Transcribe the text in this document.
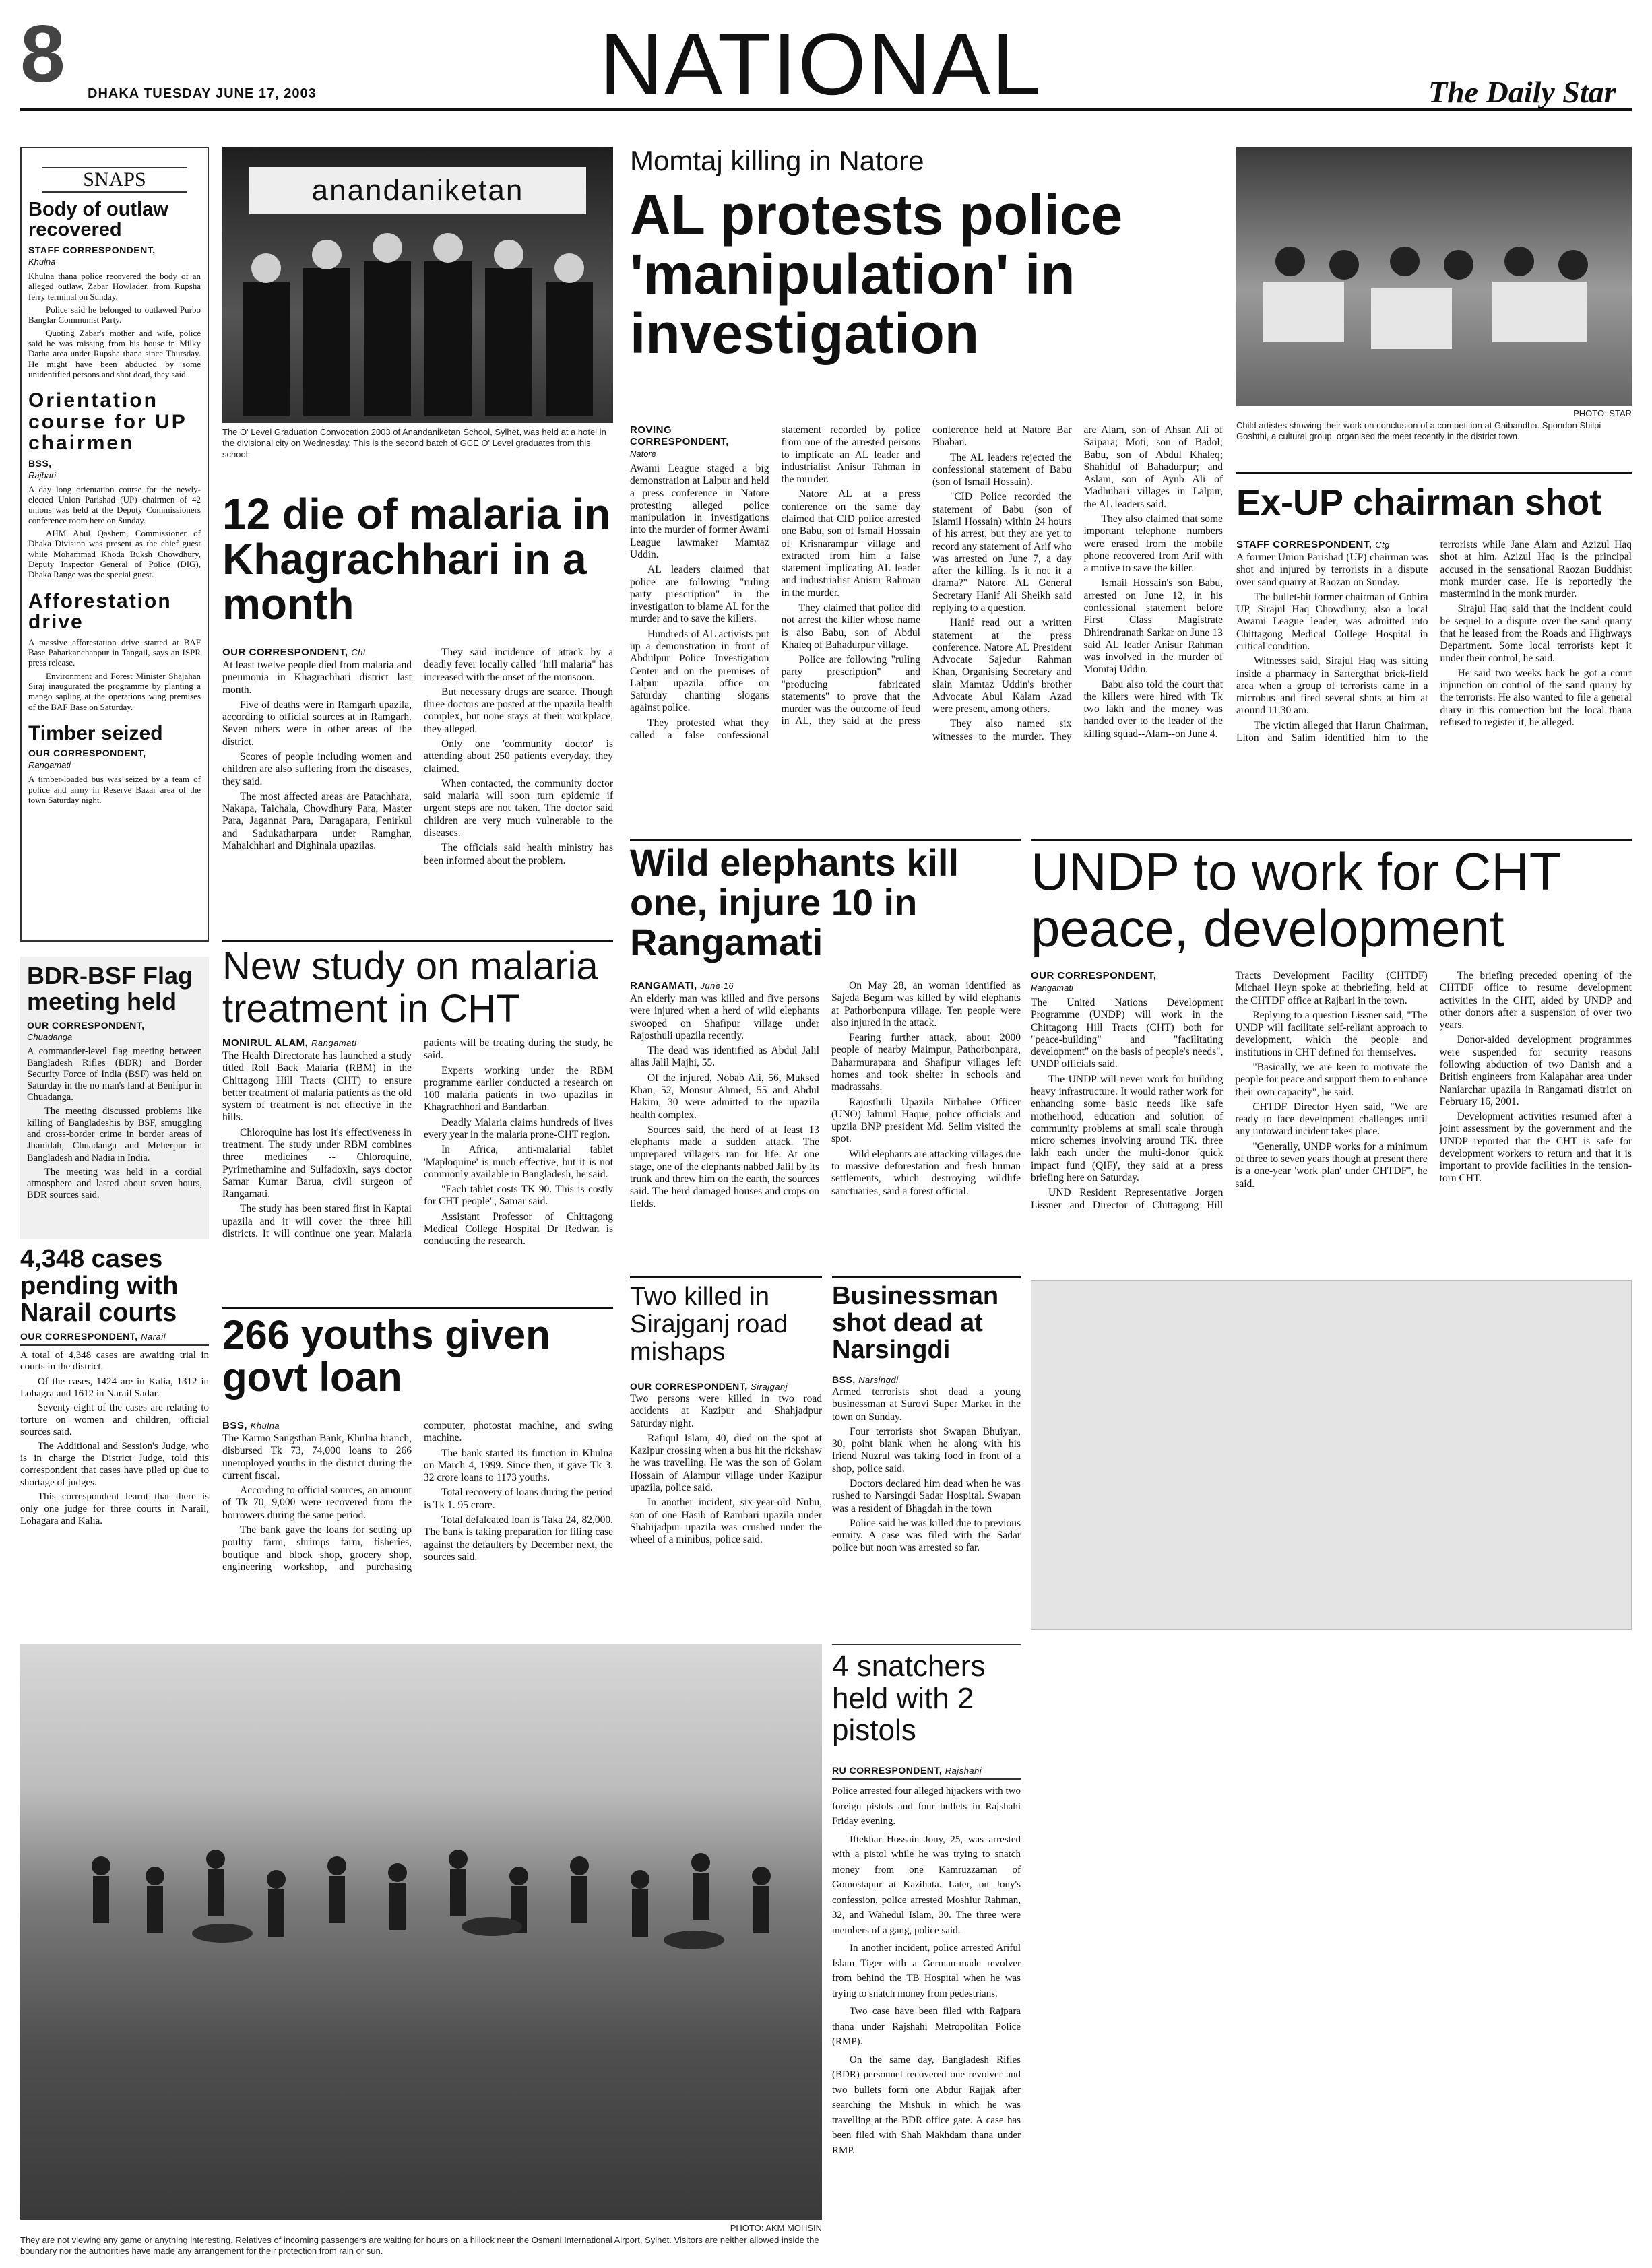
8 DHAKA TUESDAY JUNE 17, 2003	NATIONAL	The Daily Star
SNAPS
Body of outlaw recovered
STAFF CORRESPONDENT,
Khulna

Khulna thana police recovered the body of an alleged outlaw, Zabar Howlader, from Rupsha ferry terminal on Sunday.

Police said he belonged to outlawed Purbo Banglar Communist Party.

Quoting Zabar's mother and wife, police said he was missing from his house in Milky Darha area under Rupsha thana since Thursday. He might have been abducted by some unidentified persons and shot dead, they said.

Orientation course for UP chairmen
BSS,
Rajbari

A day long orientation course for the newly-elected Union Parishad (UP) chairmen of 42 unions was held at the Deputy Commissioners conference room here on Sunday.

AHM Abul Qashem, Commissioner of Dhaka Division was present as the chief guest while Mohammad Khoda Buksh Chowdhury, Deputy Inspector General of Police (DIG), Dhaka Range was the special guest.

Afforestation drive

A massive afforestation drive started at BAF Base Paharkanchanpur in Tangail, says an ISPR press release.

Environment and Forest Minister Shajahan Siraj inaugurated the programme by planting a mango sapling at the operations wing premises of the BAF Base on Saturday.

Timber seized
OUR CORRESPONDENT,
Rangamati

A timber-loaded bus was seized by a team of police and army in Reserve Bazar area of the town Saturday night.

anandaniketan
The O' Level Graduation Convocation 2003 of Anandaniketan School, Sylhet, was held at a hotel in the divisional city on Wednesday. This is the second batch of GCE O' Level graduates from this school.
Momtaj killing in Natore
AL protests police 'manipulation' in investigation
ROVING CORRESPONDENT,
Natore

Awami League staged a big demonstration at Lalpur and held a press conference in Natore protesting alleged police manipulation in investigations into the murder of former Awami League lawmaker Mamtaz Uddin.

AL leaders claimed that police are following "ruling party prescription" in the investigation to blame AL for the murder and to save the killers.

Hundreds of AL activists put up a demonstration in front of Abdulpur Police Investigation Center and on the premises of Lalpur upazila office on Saturday chanting slogans against police.

They protested what they called a false confessional statement recorded by police from one of the arrested persons to implicate an AL leader and industrialist Anisur Tahman in the murder.

Natore AL at a press conference on the same day claimed that CID police arrested one Babu, son of Ismail Hossain of Krisnarampur village and extracted from him a false statement implicating AL leader and industrialist Anisur Rahman in the murder.

They claimed that police did not arrest the killer whose name is also Babu, son of Abdul Khaleq of Bahadurpur village.

Police are following "ruling party prescription" and "producing fabricated statements" to prove that the murder was the outcome of feud in AL, they said at the press conference held at Natore Bar Bhaban.

The AL leaders rejected the confessional statement of Babu (son of Ismail Hossain).

"CID Police recorded the statement of Babu (son of Islamil Hossain) within 24 hours of his arrest, but they are yet to record any statement of Arif who was arrested on June 7, a day after the killing. Is it not it a drama?" Natore AL General Secretary Hanif Ali Sheikh said replying to a question.

Hanif read out a written statement at the press conference. Natore AL President Advocate Sajedur Rahman Khan, Organising Secretary and slain Mamtaz Uddin's brother Advocate Abul Kalam Azad were present, among others.

They also named six witnesses to the murder. They are Alam, son of Ahsan Ali of Saipara; Moti, son of Badol; Babu, son of Abdul Khaleq; Shahidul of Bahadurpur; and Aslam, son of Ayub Ali of Madhubari villages in Lalpur, the AL leaders said.

They also claimed that some important telephone numbers were erased from the mobile phone recovered from Arif with a motive to save the killer.

Ismail Hossain's son Babu, arrested on June 12, in his confessional statement before First Class Magistrate Dhirendranath Sarkar on June 13 said AL leader Anisur Rahman was involved in the murder of Momtaj Uddin.

Babu also told the court that the killers were hired with Tk two lakh and the money was handed over to the leader of the killing squad--Alam--on June 4.

PHOTO: STAR
Child artistes showing their work on conclusion of a competition at Gaibandha. Spondon Shilpi Goshthi, a cultural group, organised the meet recently in the district town.
Ex-UP chairman shot
STAFF CORRESPONDENT, Ctg

A former Union Parishad (UP) chairman was shot and injured by terrorists in a dispute over sand quarry at Raozan on Sunday.

The bullet-hit former chairman of Gohira UP, Sirajul Haq Chowdhury, also a local Awami League leader, was admitted into Chittagong Medical College Hospital in critical condition.

Witnesses said, Sirajul Haq was sitting inside a pharmacy in Sartergthat brick-field area when a group of terrorists came in a microbus and fired several shots at him at around 11.30 am.

The victim alleged that Harun Chairman, Liton and Salim identified him to the terrorists while Jane Alam and Azizul Haq shot at him. Azizul Haq is the principal accused in the sensational Raozan Buddhist monk murder case. He is reportedly the mastermind in the monk murder.

Sirajul Haq said that the incident could be sequel to a dispute over the sand quarry that he leased from the Roads and Highways Department. Some local terrorists kept it under their control, he said.

He said two weeks back he got a court injunction on control of the sand quarry by the terrorists. He also wanted to file a general diary in this connection but the local thana refused to register it, he alleged.

12 die of malaria in Khagrachhari in a month
OUR CORRESPONDENT, Cht

At least twelve people died from malaria and pneumonia in Khagrachhari district last month.

Five of deaths were in Ramgarh upazila, according to official sources at in Ramgarh. Seven others were in other areas of the district.

Scores of people including women and children are also suffering from the diseases, they said.

The most affected areas are Patachhara, Nakapa, Taichala, Chowdhury Para, Master Para, Jagannat Para, Daragapara, Fenirkul and Sadukatharpara under Ramghar, Mahalchhari and Dighinala upazilas.

They said incidence of attack by a deadly fever locally called "hill malaria" has increased with the onset of the monsoon.

But necessary drugs are scarce. Though three doctors are posted at the upazila health complex, but none stays at their workplace, they alleged.

Only one 'community doctor' is attending about 250 patients everyday, they claimed.

When contacted, the community doctor said malaria will soon turn epidemic if urgent steps are not taken. The doctor said children are very much vulnerable to the diseases.

The officials said health ministry has been informed about the problem.

BDR-BSF Flag meeting held
OUR CORRESPONDENT,
Chuadanga

A commander-level flag meeting between Bangladesh Rifles (BDR) and Border Security Force of India (BSF) was held on Saturday in the no man's land at Benifpur in Chuadanga.

The meeting discussed problems like killing of Bangladeshis by BSF, smuggling and cross-border crime in border areas of Jhanidah, Chuadanga and Meherpur in Bangladesh and Nadia in India.

The meeting was held in a cordial atmosphere and lasted about seven hours, BDR sources said.

4,348 cases pending with Narail courts
OUR CORRESPONDENT, Narail

A total of 4,348 cases are awaiting trial in courts in the district.

Of the cases, 1424 are in Kalia, 1312 in Lohagra and 1612 in Narail Sadar.

Seventy-eight of the cases are relating to torture on women and children, official sources said.

The Additional and Session's Judge, who is in charge the District Judge, told this correspondent that cases have piled up due to shortage of judges.

This correspondent learnt that there is only one judge for three courts in Narail, Lohagara and Kalia.

New study on malaria treatment in CHT
MONIRUL ALAM, Rangamati

The Health Directorate has launched a study titled Roll Back Malaria (RBM) in the Chittagong Hill Tracts (CHT) to ensure better treatment of malaria patients as the old system of treatment is not effective in the hills.

Chloroquine has lost it's effectiveness in treatment. The study under RBM combines three medicines -- Chloroquine, Pyrimethamine and Sulfadoxin, says doctor Samar Kumar Barua, civil surgeon of Rangamati.

The study has been stared first in Kaptai upazila and it will cover the three hill districts. It will continue one year. Malaria patients will be treating during the study, he said.

Experts working under the RBM programme earlier conducted a research on 100 malaria patients in two upazilas in Khagrachhori and Bandarban.

Deadly Malaria claims hundreds of lives every year in the malaria prone-CHT region.

In Africa, anti-malarial tablet 'Maploquine' is much effective, but it is not commonly available in Bangladesh, he said.

"Each tablet costs TK 90. This is costly for CHT people", Samar said.

Assistant Professor of Chittagong Medical College Hospital Dr Redwan is conducting the research.

Wild elephants kill one, injure 10 in Rangamati
RANGAMATI, June 16

An elderly man was killed and five persons were injured when a herd of wild elephants swooped on Shafipur village under Rajosthuli upazila recently.

The dead was identified as Abdul Jalil alias Jalil Majhi, 55.

Of the injured, Nobab Ali, 56, Muksed Khan, 52, Monsur Ahmed, 55 and Abdul Hakim, 30 were admitted to the upazila health complex.

Sources said, the herd of at least 13 elephants made a sudden attack. The unprepared villagers ran for life. At one stage, one of the elephants nabbed Jalil by its trunk and threw him on the earth, the sources said. The herd damaged houses and crops on fields.

On May 28, an woman identified as Sajeda Begum was killed by wild elephants at Pathorbonpura village. Ten people were also injured in the attack.

Fearing further attack, about 2000 people of nearby Maimpur, Pathorbonpara, Baharmurapara and Shafipur villages left homes and took shelter in schools and madrassahs.

Rajosthuli Upazila Nirbahee Officer (UNO) Jahurul Haque, police officials and upzila BNP president Md. Selim visited the spot.

Wild elephants are attacking villages due to massive deforestation and fresh human settlements, which destroying wildlife sanctuaries, said a forest official.

UNDP to work for CHT peace, development
OUR CORRESPONDENT,
Rangamati

The United Nations Development Programme (UNDP) will work in the Chittagong Hill Tracts (CHT) both for "peace-building" and "facilitating development" on the basis of people's needs", UNDP officials said.

The UNDP will never work for building heavy infrastructure. It would rather work for enhancing some basic needs like safe motherhood, education and solution of community problems at small scale through micro schemes involving around TK. three lakh each under the multi-donor 'quick impact fund (QIF)', they said at a press briefing here on Saturday.

UND Resident Representative Jorgen Lissner and Director of Chittagong Hill Tracts Development Facility (CHTDF) Michael Heyn spoke at thebriefing, held at the CHTDF office at Rajbari in the town.

Replying to a question Lissner said, "The UNDP will facilitate self-reliant approach to development, which the people and institutions in CHT defined for themselves.

"Basically, we are keen to motivate the people for peace and support them to enhance their own capacity", he said.

CHTDF Director Hyen said, "We are ready to face development challenges until any untoward incident takes place.

"Generally, UNDP works for a minimum of three to seven years though at present there is a one-year 'work plan' under CHTDF", he said.

The briefing preceded opening of the CHTDF office to resume development activities in the CHT, aided by UNDP and other donors after a suspension of over two years.

Donor-aided development programmes were suspended for security reasons following abduction of two Danish and a British engineers from Kalapahar area under Naniarchar upazila in Rangamati district on February 16, 2001.

Development activities resumed after a joint assessment by the government and the UNDP reported that the CHT is safe for development workers to return and that it is important to provide facilities in the tension-torn CHT.

266 youths given govt loan
BSS, Khulna

The Karmo Sangsthan Bank, Khulna branch, disbursed Tk 73, 74,000 loans to 266 unemployed youths in the district during the current fiscal.

According to official sources, an amount of Tk 70, 9,000 were recovered from the borrowers during the same period.

The bank gave the loans for setting up poultry farm, shrimps farm, fisheries, boutique and block shop, grocery shop, engineering workshop, and purchasing computer, photostat machine, and swing machine.

The bank started its function in Khulna on March 4, 1999. Since then, it gave Tk 3. 32 crore loans to 1173 youths.

Total recovery of loans during the period is Tk 1. 95 crore.

Total defalcated loan is Taka 24, 82,000. The bank is taking preparation for filing case against the defaulters by December next, the sources said.

Two killed in Sirajganj road mishaps
OUR CORRESPONDENT, Sirajganj

Two persons were killed in two road accidents at Kazipur and Shahjadpur Saturday night.

Rafiqul Islam, 40, died on the spot at Kazipur crossing when a bus hit the rickshaw he was travelling. He was the son of Golam Hossain of Alampur village under Kazipur upazila, police said.

In another incident, six-year-old Nuhu, son of one Hasib of Rambari upazila under Shahijadpur upazila was crushed under the wheel of a minibus, police said.

Businessman shot dead at Narsingdi
BSS, Narsingdi

Armed terrorists shot dead a young businessman at Surovi Super Market in the town on Sunday.

Four terrorists shot Swapan Bhuiyan, 30, point blank when he along with his friend Nuzrul was taking food in front of a shop, police said.

Doctors declared him dead when he was rushed to Narsingdi Sadar Hospital. Swapan was a resident of Bhagdah in the town

Police said he was killed due to previous enmity. A case was filed with the Sadar police but noon was arrested so far.

PHOTO: AKM MOHSIN
They are not viewing any game or anything interesting. Relatives of incoming passengers are waiting for hours on a hillock near the Osmani International Airport, Sylhet. Visitors are neither allowed inside the boundary nor the authorities have made any arrangement for their protection from rain or sun.
4 snatchers held with 2 pistols
RU CORRESPONDENT, Rajshahi

Police arrested four alleged hijackers with two foreign pistols and four bullets in Rajshahi Friday evening.

Iftekhar Hossain Jony, 25, was arrested with a pistol while he was trying to snatch money from one Kamruzzaman of Gomostapur at Kazihata. Later, on Jony's confession, police arrested Moshiur Rahman, 32, and Wahedul Islam, 30. The three were members of a gang, police said.

In another incident, police arrested Ariful Islam Tiger with a German-made revolver from behind the TB Hospital when he was trying to snatch money from pedestrians.

Two case have been filed with Rajpara thana under Rajshahi Metropolitan Police (RMP).

On the same day, Bangladesh Rifles (BDR) personnel recovered one revolver and two bullets form one Abdur Rajjak after searching the Mishuk in which he was travelling at the BDR office gate. A case has been filed with Shah Makhdam thana under RMP.
